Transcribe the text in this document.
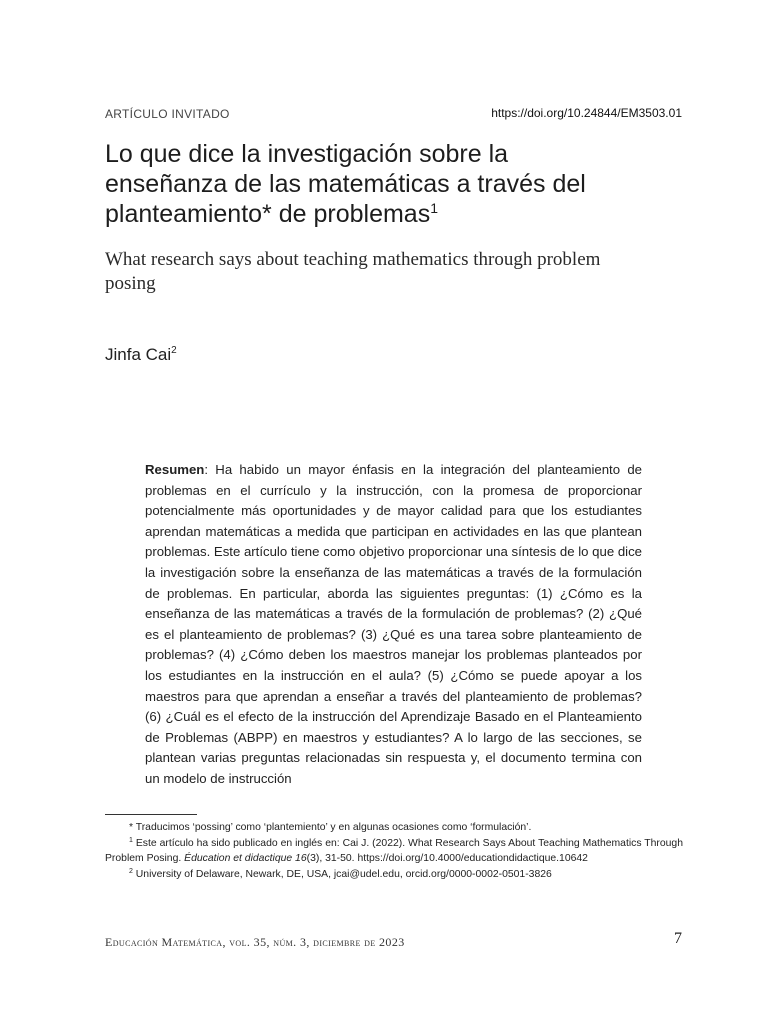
ARTÍCULO INVITADO	https://doi.org/10.24844/EM3503.01
Lo que dice la investigación sobre la enseñanza de las matemáticas a través del planteamiento* de problemas$^1$
What research says about teaching mathematics through problem posing
Jinfa Cai$^2$
Resumen: Ha habido un mayor énfasis en la integración del planteamiento de problemas en el currículo y la instrucción, con la promesa de proporcionar potencialmente más oportunidades y de mayor calidad para que los estudiantes aprendan matemáticas a medida que participan en actividades en las que plantean problemas. Este artículo tiene como objetivo proporcionar una síntesis de lo que dice la investigación sobre la enseñanza de las matemáticas a través de la formulación de problemas. En particular, aborda las siguientes preguntas: (1) ¿Cómo es la enseñanza de las matemáticas a través de la formulación de problemas? (2) ¿Qué es el planteamiento de problemas? (3) ¿Qué es una tarea sobre planteamiento de problemas? (4) ¿Cómo deben los maestros manejar los problemas planteados por los estudiantes en la instrucción en el aula? (5) ¿Cómo se puede apoyar a los maestros para que aprendan a enseñar a través del planteamiento de problemas? (6) ¿Cuál es el efecto de la instrucción del Aprendizaje Basado en el Planteamiento de Problemas (ABPP) en maestros y estudiantes? A lo largo de las secciones, se plantean varias preguntas relacionadas sin respuesta y, el documento termina con un modelo de instrucción

* Traducimos ‘possing’ como ‘plantemiento’ y en algunas ocasiones como ‘formulación’.

$^1$ Este artículo ha sido publicado en inglés en: Cai J. (2022). What Research Says About Teaching Mathematics Through Problem Posing. Éducation et didactique 16(3), 31-50. https://doi.org/10.4000/educationdidactique.10642

$^2$ University of Delaware, Newark, DE, USA, jcai@udel.edu, orcid.org/0000-0002-0501-3826

Educación Matemática, vol. 35, núm. 3, diciembre de 2023	7
